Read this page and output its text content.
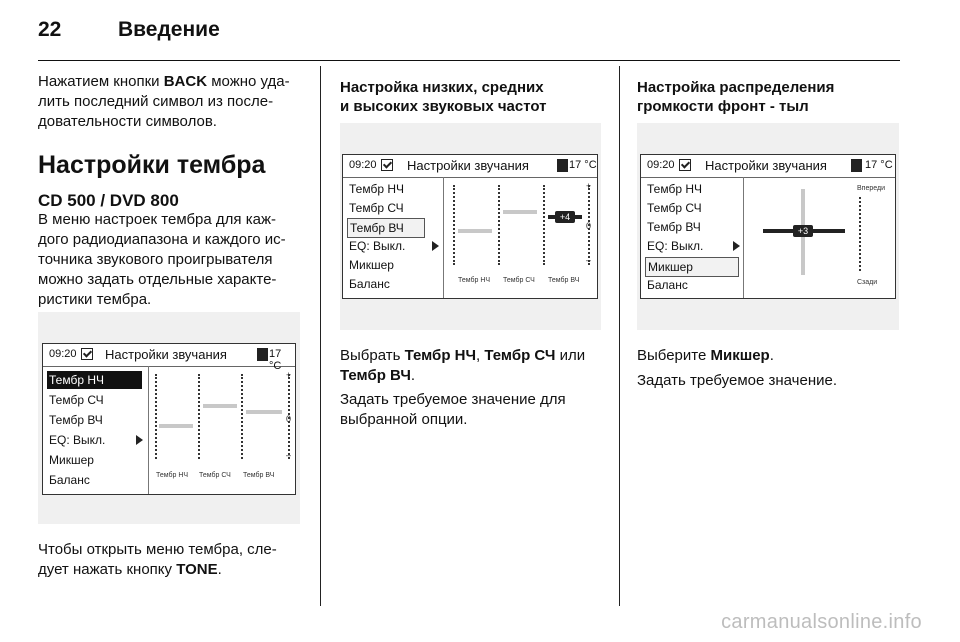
22	Введение

Нажатием кнопки BACK можно уда-
лить последний символ из после-
довательности символов.

Настройки тембра
CD 500 / DVD 800
В меню настроек тембра для каж-
дого радиодиапазона и каждого ис-
точника звукового проигрывателя
можно задать отдельные характе-
ристики тембра.
09:20 Настройки звучания	17 °C
Тембр НЧ
Тембр СЧ
Тембр ВЧ
EQ: Выкл.
Микшер
Баланс
+
0
–
Тембр НЧ Тембр СЧ Тембр ВЧ
Чтобы открыть меню тембра, сле-
дует нажать кнопку TONE.
Настройка низких, средних
и высоких звуковых частот
09:20 Настройки звучания	17 °C
Тембр НЧ
Тембр СЧ
Тембр ВЧ
EQ: Выкл.
Микшер
Баланс
+4
+
0
–
Тембр НЧ Тембр СЧ Тембр ВЧ
Выбрать Тембр НЧ, Тембр СЧ или
Тембр ВЧ.
Задать требуемое значение для
выбранной опции.
Настройка распределения
громкости фронт - тыл
09:20 Настройки звучания	17 °C
Тембр НЧ
Тембр СЧ
Тембр ВЧ
EQ: Выкл.
Микшер
Баланс
+3
Впереди
Сзади
Выберите Микшер.
Задать требуемое значение.
carmanualsonline.info
